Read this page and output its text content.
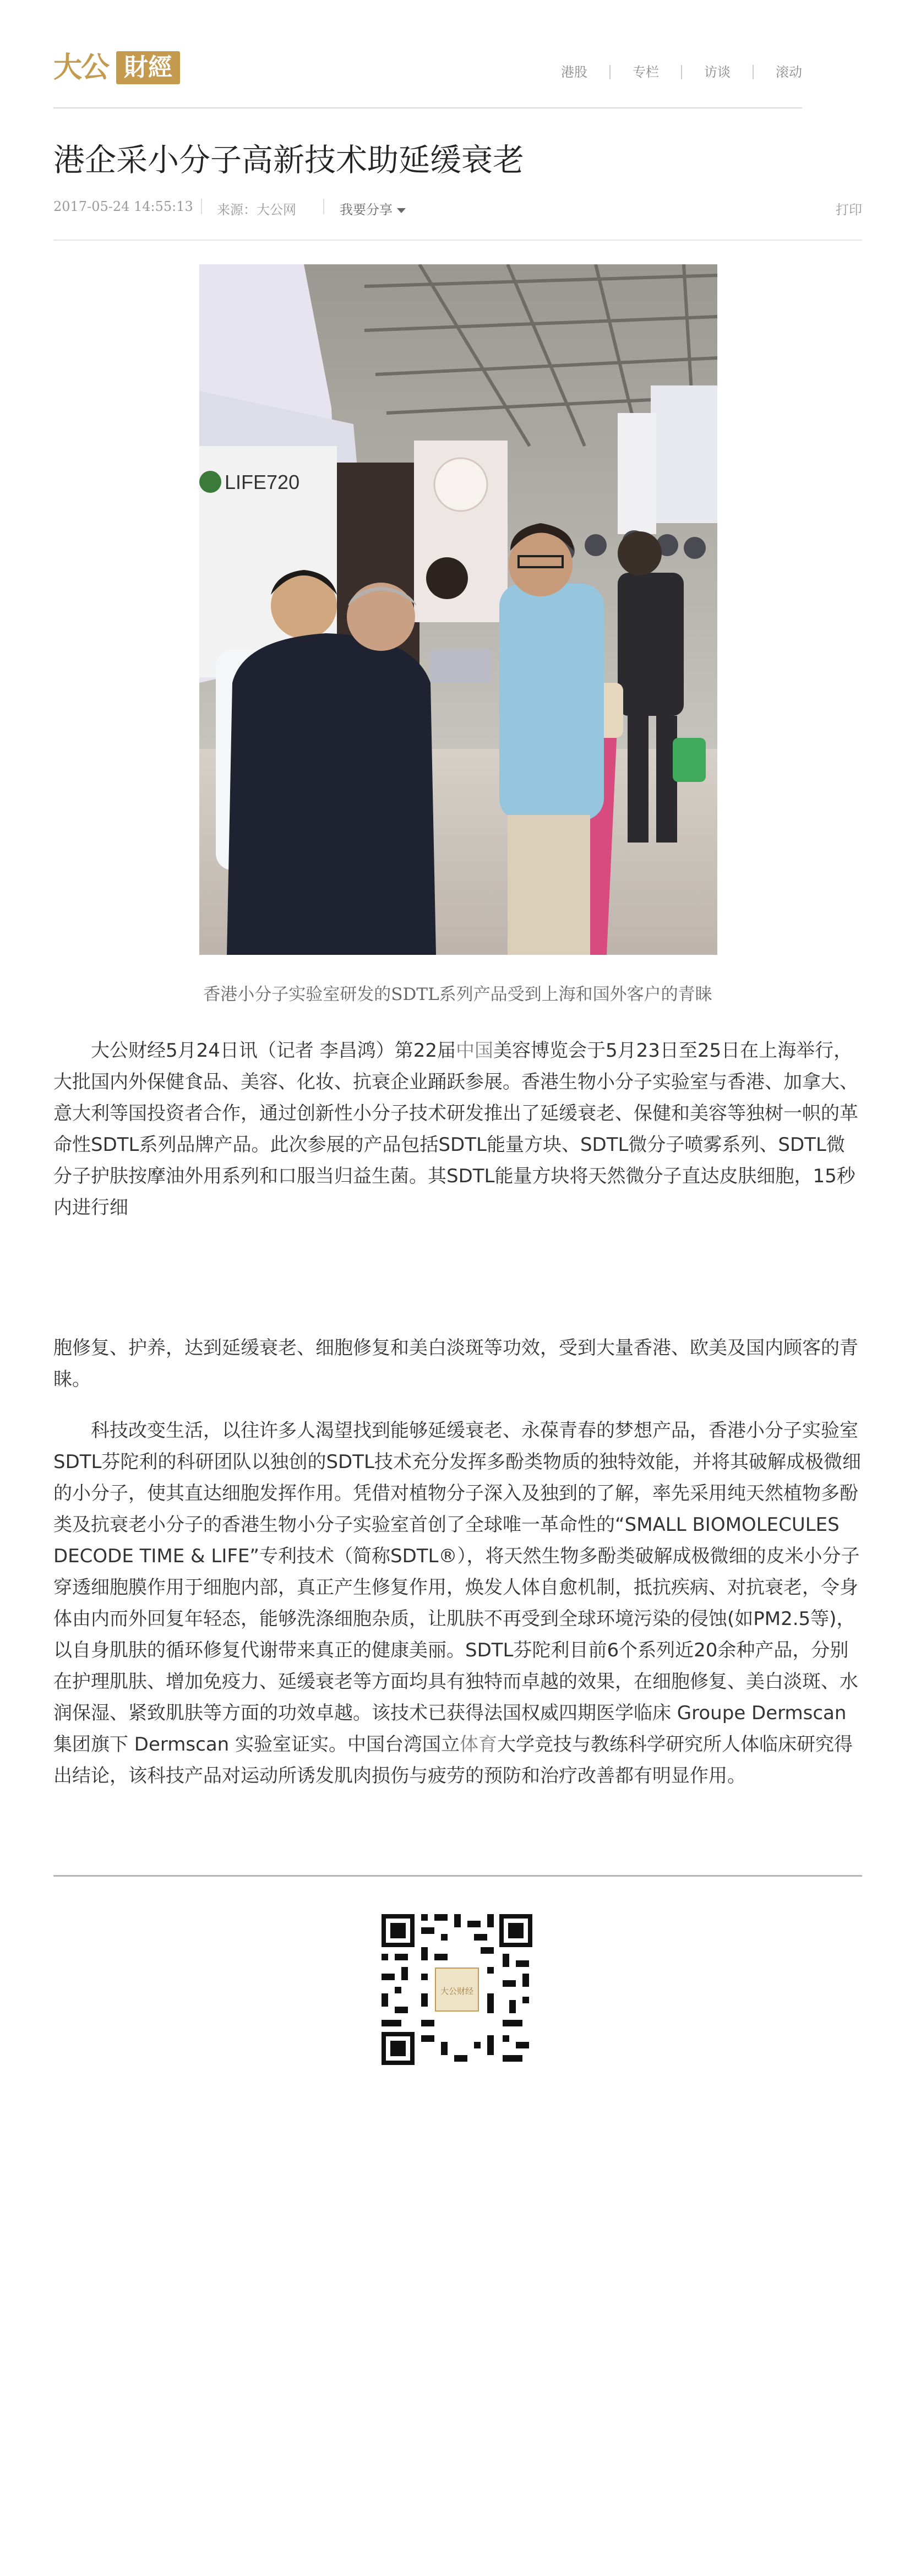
大公 財經	港股	专栏	访谈	滚动
港企采小分子高新技术助延缓衰老
2017-05-24 14:55:13 来源：大公网	我要分享	打印
LIFE720
香港小分子实验室研发的SDTL系列产品受到上海和国外客户的青睐

大公财经5月24日讯（记者 李昌鸿）第22届中国美容博览会于5月23日至25日在上海举行，大批国内外保健食品、美容、化妆、抗衰企业踊跃参展。香港生物小分子实验室与香港、加拿大、意大利等国投资者合作，通过创新性小分子技术研发推出了延缓衰老、保健和美容等独树一帜的革命性SDTL系列品牌产品。此次参展的产品包括SDTL能量方块、SDTL微分子喷雾系列、SDTL微分子护肤按摩油外用系列和口服当归益生菌。其SDTL能量方块将天然微分子直达皮肤细胞，15秒内进行细

胞修复、护养，达到延缓衰老、细胞修复和美白淡斑等功效，受到大量香港、欧美及国内顾客的青睐。

科技改变生活，以往许多人渴望找到能够延缓衰老、永葆青春的梦想产品，香港小分子实验室SDTL芬陀利的科研团队以独创的SDTL技术充分发挥多酚类物质的独特效能，并将其破解成极微细的小分子，使其直达细胞发挥作用。凭借对植物分子深入及独到的了解，率先采用纯天然植物多酚类及抗衰老小分子的香港生物小分子实验室首创了全球唯一革命性的“SMALL BIOMOLECULES DECODE TIME & LIFE”专利技术（简称SDTL®），将天然生物多酚类破解成极微细的皮米小分子穿透细胞膜作用于细胞内部，真正产生修复作用，焕发人体自愈机制，抵抗疾病、对抗衰老，令身体由内而外回复年轻态，能够洗涤细胞杂质，让肌肤不再受到全球环境污染的侵蚀(如PM2.5等)，以自身肌肤的循环修复代谢带来真正的健康美丽。SDTL芬陀利目前6个系列近20余种产品，分别在护理肌肤、增加免疫力、延缓衰老等方面均具有独特而卓越的效果，在细胞修复、美白淡斑、水润保湿、紧致肌肤等方面的功效卓越。该技术已获得法国权威四期医学临床 Groupe Dermscan 集团旗下 Dermscan 实验室证实。中国台湾国立体育大学竞技与教练科学研究所人体临床研究得出结论，该科技产品对运动所诱发肌肉损伤与疲劳的预防和治疗改善都有明显作用。

大公财经
